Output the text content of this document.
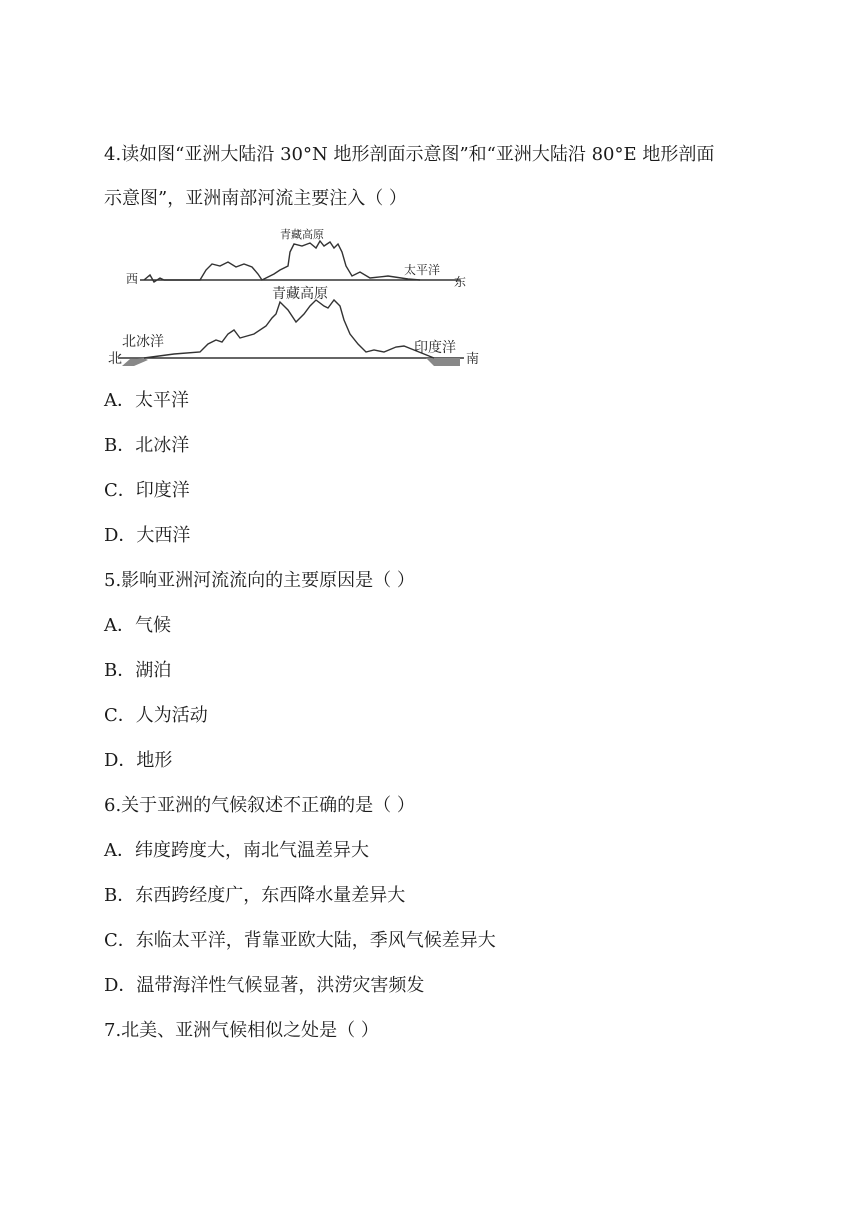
4.读如图“亚洲大陆沿 30°N 地形剖面示意图”和“亚洲大陆沿 80°E 地形剖面
示意图”，亚洲南部河流主要注入（ ）
西	东
青藏高原
太平洋
北	南
青藏高原
北冰洋	印度洋
A．太平洋
B．北冰洋
C．印度洋
D．大西洋
5.影响亚洲河流流向的主要原因是（ ）
A．气候
B．湖泊
C．人为活动
D．地形
6.关于亚洲的气候叙述不正确的是（ ）
A．纬度跨度大，南北气温差异大
B．东西跨经度广，东西降水量差异大
C．东临太平洋，背靠亚欧大陆，季风气候差异大
D．温带海洋性气候显著，洪涝灾害频发
7.北美、亚洲气候相似之处是（ ）
